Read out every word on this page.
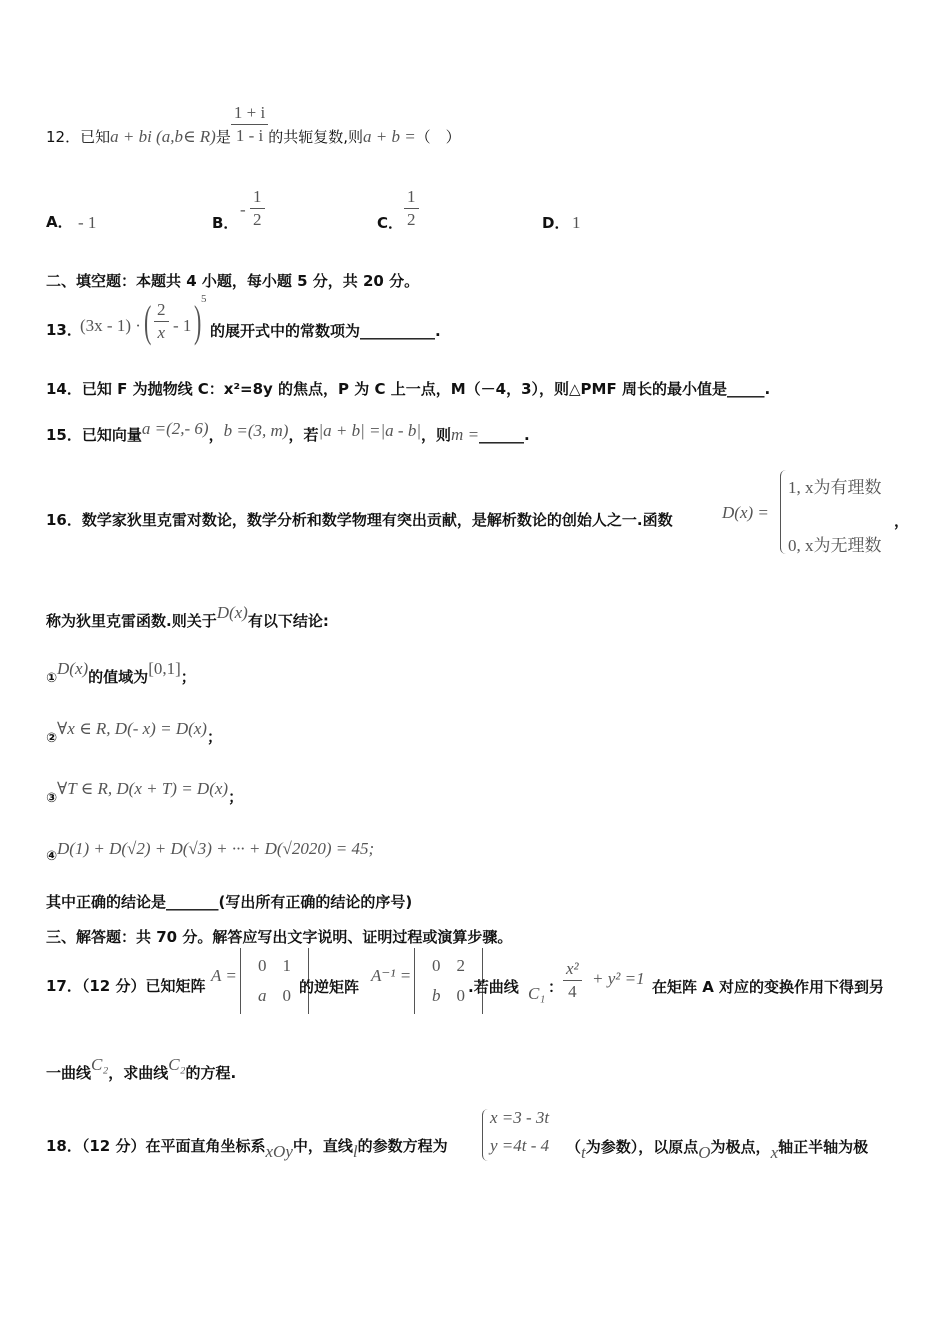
12．已知a + bi (a,b∈ R)是 $\frac{1 + i}{1 - i}$ 的共轭复数,则a + b =（　）
A． - 1	B．
- $\frac{1}{2}$	C． $\frac{1}{2}$	D． 1
二、填空题：本题共 4 小题，每小题 5 分，共 20 分。
13．
(3x - 1) · ( $\frac{2}{x} - 1$ ) 5
的展开式中的常数项为__________.
14．已知 F 为抛物线 C：x²=8y 的焦点，P 为 C 上一点，M（－4，3），则△PMF 周长的最小值是_____.
15．已知向量a =(2,- 6)，b =(3, m)，若|a + b| =|a - b|，则m =______.
16．数学家狄里克雷对数论，数学分析和数学物理有突出贡献，是解析数论的创始人之一.函数	D(x) =
1, x为有理数
0, x为无理数
，
称为狄里克雷函数.则关于D(x)有以下结论:
①D(x)的值域为[0,1]；
②∀x ∈ R, D(- x) = D(x)；
③∀T ∈ R, D(x + T) = D(x)；
④D(1) + D(√2) + D(√3) + ··· + D(√2020) = 45;
其中正确的结论是_______(写出所有正确的结论的序号)
三、解答题：共 70 分。解答应写出文字说明、证明过程或演算步骤。
17．（12 分）已知矩阵
A =
0	1
a	0 的逆矩阵
A⁻¹ =
0	2
b	0 .若曲线 C₁ ： $\frac{\text{x²}}{4} + y^2 =1$ 在矩阵 A 对应的变换作用下得到另
一曲线C₂，求曲线C₂的方程.
18．（12 分）在平面直角坐标系xOy中，直线l的参数方程为
x =3 - 3t
y =4t - 4 （t为参数），以原点O为极点，x轴正半轴为极
